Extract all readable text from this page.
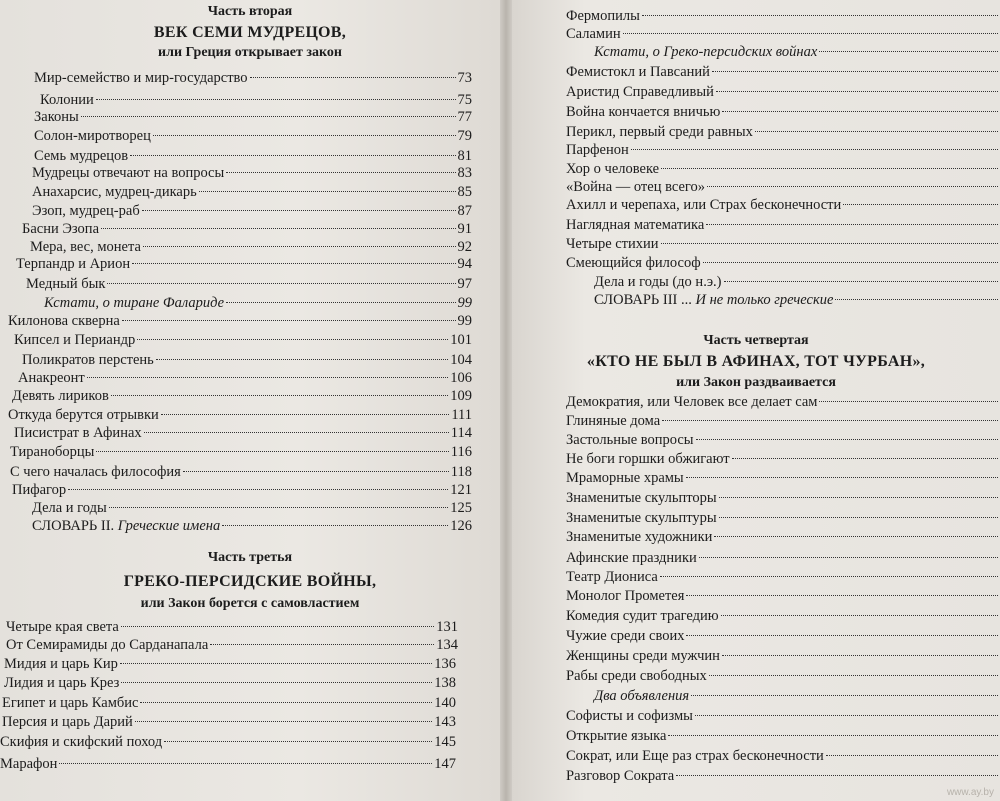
Часть вторая
ВЕК СЕМИ МУДРЕЦОВ,
или Греция открывает закон
Мир-семейство и мир-государство	73
Колонии	75
Законы	77
Солон-миротворец	79
Семь мудрецов	81
Мудрецы отвечают на вопросы	83
Анахарсис, мудрец-дикарь	85
Эзоп, мудрец-раб	87
Басни Эзопа	91
Мера, вес, монета	92
Терпандр и Арион	94
Медный бык	97
Кстати, о тиране Фалариде	99
Килонова скверна	99
Кипсел и Периандр	101
Поликратов перстень	104
Анакреонт	106
Девять лириков	109
Откуда берутся отрывки	111
Писистрат в Афинах	114
Тираноборцы	116
С чего началась философия	118
Пифагор	121
Дела и годы	125
СЛОВАРЬ II. Греческие имена	126
Часть третья
ГРЕКО-ПЕРСИДСКИЕ ВОЙНЫ,
или Закон борется с самовластием
Четыре края света	131
От Семирамиды до Сарданапала	134
Мидия и царь Кир	136
Лидия и царь Крез	138
Египет и царь Камбис	140
Персия и царь Дарий	143
Скифия и скифский поход	145
Марафон	147
Фермопилы
Саламин
Кстати, о Греко-персидских войнах
Фемистокл и Павсаний
Аристид Справедливый
Война кончается вничью
Перикл, первый среди равных
Парфенон
Хор о человеке
«Война — отец всего»
Ахилл и черепаха, или Страх бесконечности
Наглядная математика
Четыре стихии
Смеющийся философ
Дела и годы (до н.э.)
СЛОВАРЬ III ... И не только греческие
Часть четвертая
«КТО НЕ БЫЛ В АФИНАХ, ТОТ ЧУРБАН»,
или Закон раздваивается
Демократия, или Человек все делает сам
Глиняные дома
Застольные вопросы
Не боги горшки обжигают
Мраморные храмы
Знаменитые скульпторы
Знаменитые скульптуры
Знаменитые художники
Афинские праздники
Театр Диониса
Монолог Прометея
Комедия судит трагедию
Чужие среди своих
Женщины среди мужчин
Рабы среди свободных
Два объявления
Софисты и софизмы
Открытие языка
Сократ, или Еще раз страх бесконечности
Разговор Сократа
www.ay.by
